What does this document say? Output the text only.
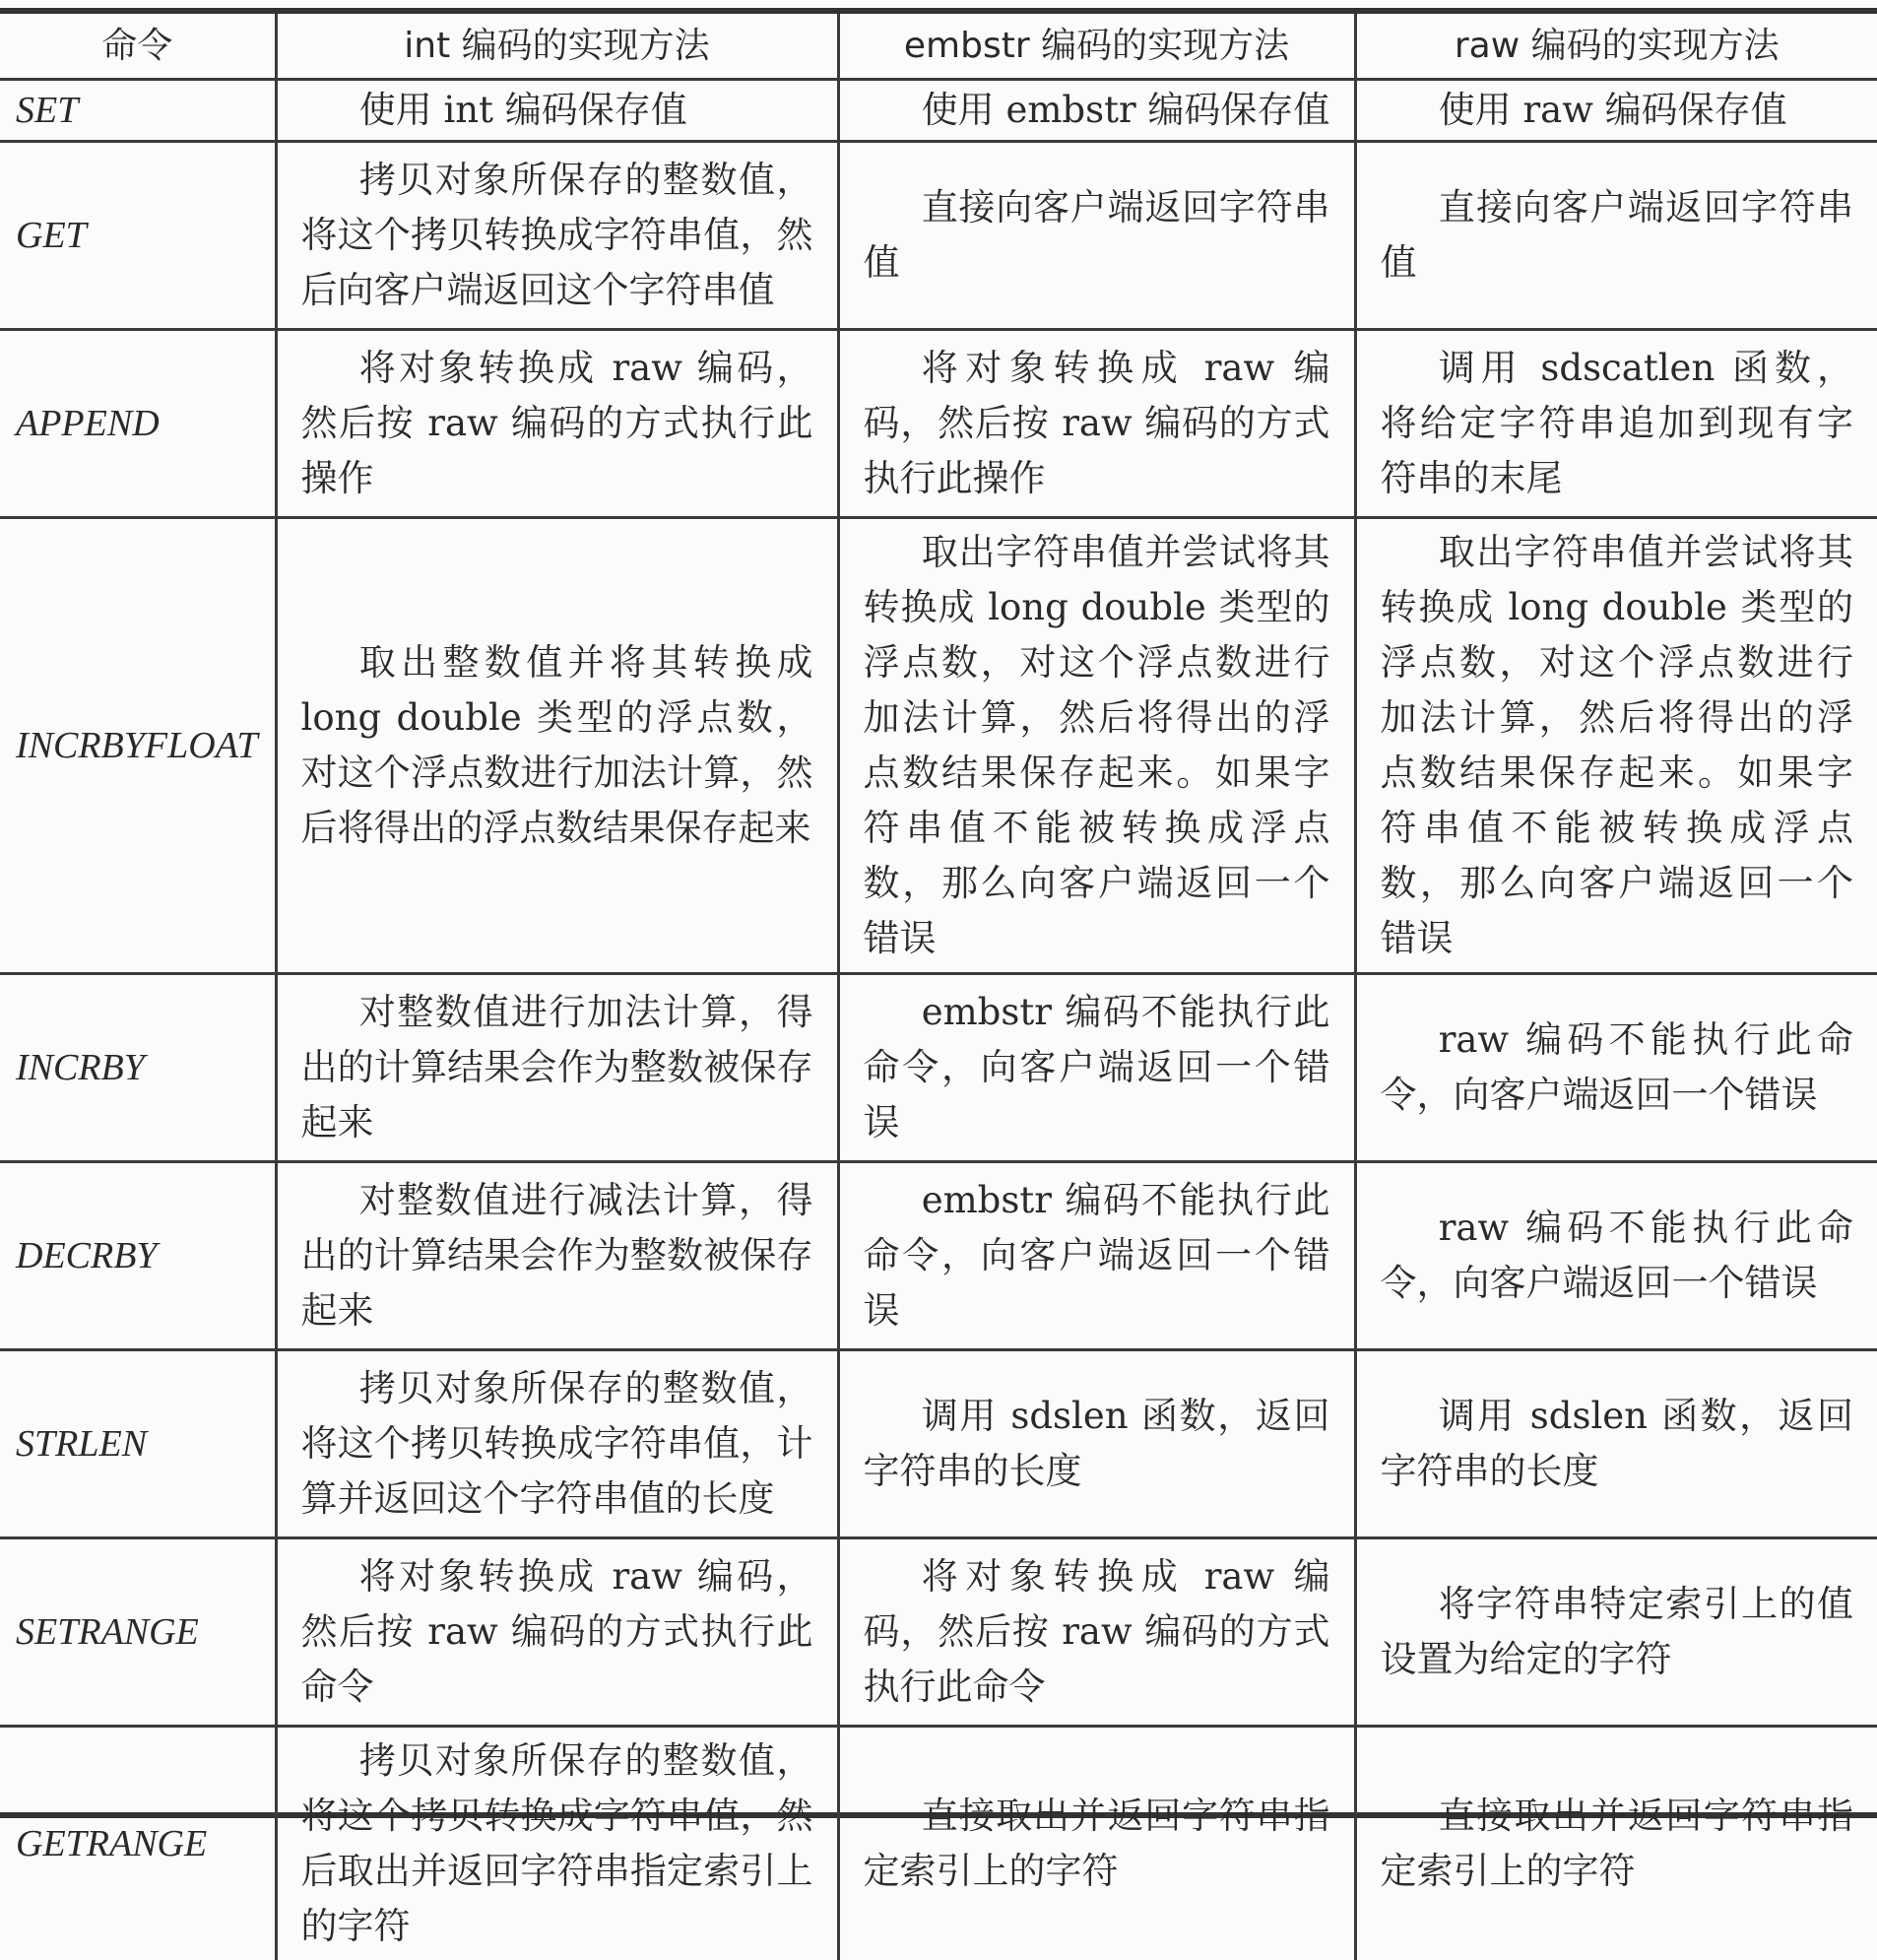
命令	int 编码的实现方法	embstr 编码的实现方法	raw 编码的实现方法
SET	使用 int 编码保存值	使用 embstr 编码保存值	使用 raw 编码保存值
GET	拷贝对象所保存的整数值，将这个拷贝转换成字符串值，然后向客户端返回这个字符串值	直接向客户端返回字符串值	直接向客户端返回字符串值
APPEND	将对象转换成 raw 编码，然后按 raw 编码的方式执行此操作	将对象转换成 raw 编码，然后按 raw 编码的方式执行此操作	调用 sdscatlen 函数，将给定字符串追加到现有字符串的末尾
INCRBYFLOAT	取出整数值并将其转换成 long double 类型的浮点数，对这个浮点数进行加法计算，然后将得出的浮点数结果保存起来	取出字符串值并尝试将其转换成 long double 类型的浮点数，对这个浮点数进行加法计算，然后将得出的浮点数结果保存起来。如果字符串值不能被转换成浮点数，那么向客户端返回一个错误	取出字符串值并尝试将其转换成 long double 类型的浮点数，对这个浮点数进行加法计算，然后将得出的浮点数结果保存起来。如果字符串值不能被转换成浮点数，那么向客户端返回一个错误
INCRBY	对整数值进行加法计算，得出的计算结果会作为整数被保存起来	embstr 编码不能执行此命令，向客户端返回一个错误	raw 编码不能执行此命令，向客户端返回一个错误
DECRBY	对整数值进行减法计算，得出的计算结果会作为整数被保存起来	embstr 编码不能执行此命令，向客户端返回一个错误	raw 编码不能执行此命令，向客户端返回一个错误
STRLEN	拷贝对象所保存的整数值，将这个拷贝转换成字符串值，计算并返回这个字符串值的长度	调用 sdslen 函数，返回字符串的长度	调用 sdslen 函数，返回字符串的长度
SETRANGE	将对象转换成 raw 编码，然后按 raw 编码的方式执行此命令	将对象转换成 raw 编码，然后按 raw 编码的方式执行此命令	将字符串特定索引上的值设置为给定的字符
GETRANGE	拷贝对象所保存的整数值，将这个拷贝转换成字符串值，然后取出并返回字符串指定索引上的字符	直接取出并返回字符串指定索引上的字符	直接取出并返回字符串指定索引上的字符
